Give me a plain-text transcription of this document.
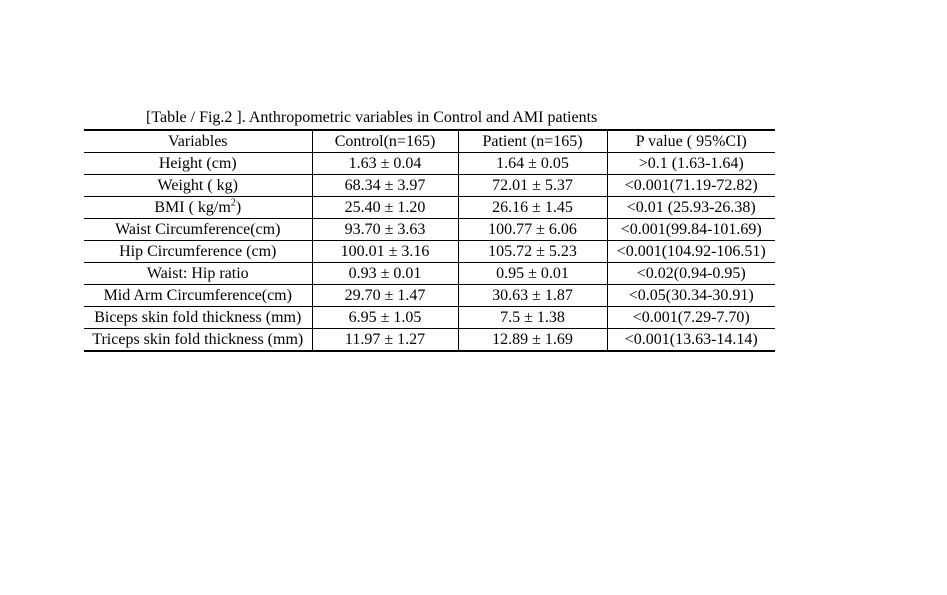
[Table / Fig.2 ]. Anthropometric variables in Control and AMI patients
Variables	Control(n=165)	Patient (n=165)	P value ( 95%CI)
Height (cm)	1.63 ± 0.04	1.64 ± 0.05	>0.1 (1.63-1.64)
Weight ( kg)	68.34 ± 3.97	72.01 ± 5.37	<0.001(71.19-72.82)
BMI ( $kg/m^2$)	25.40 ± 1.20	26.16 ± 1.45	<0.01 (25.93-26.38)
Waist Circumference(cm)	93.70 ± 3.63	100.77 ± 6.06	<0.001(99.84-101.69)
Hip Circumference (cm)	100.01 ± 3.16	105.72 ± 5.23	<0.001(104.92-106.51)
Waist: Hip ratio	0.93 ± 0.01	0.95 ± 0.01	<0.02(0.94-0.95)
Mid Arm Circumference(cm)	29.70 ± 1.47	30.63 ± 1.87	<0.05(30.34-30.91)
Biceps skin fold thickness (mm)	6.95 ± 1.05	7.5 ± 1.38	<0.001(7.29-7.70)
Triceps skin fold thickness (mm)	11.97 ± 1.27	12.89 ± 1.69	<0.001(13.63-14.14)
